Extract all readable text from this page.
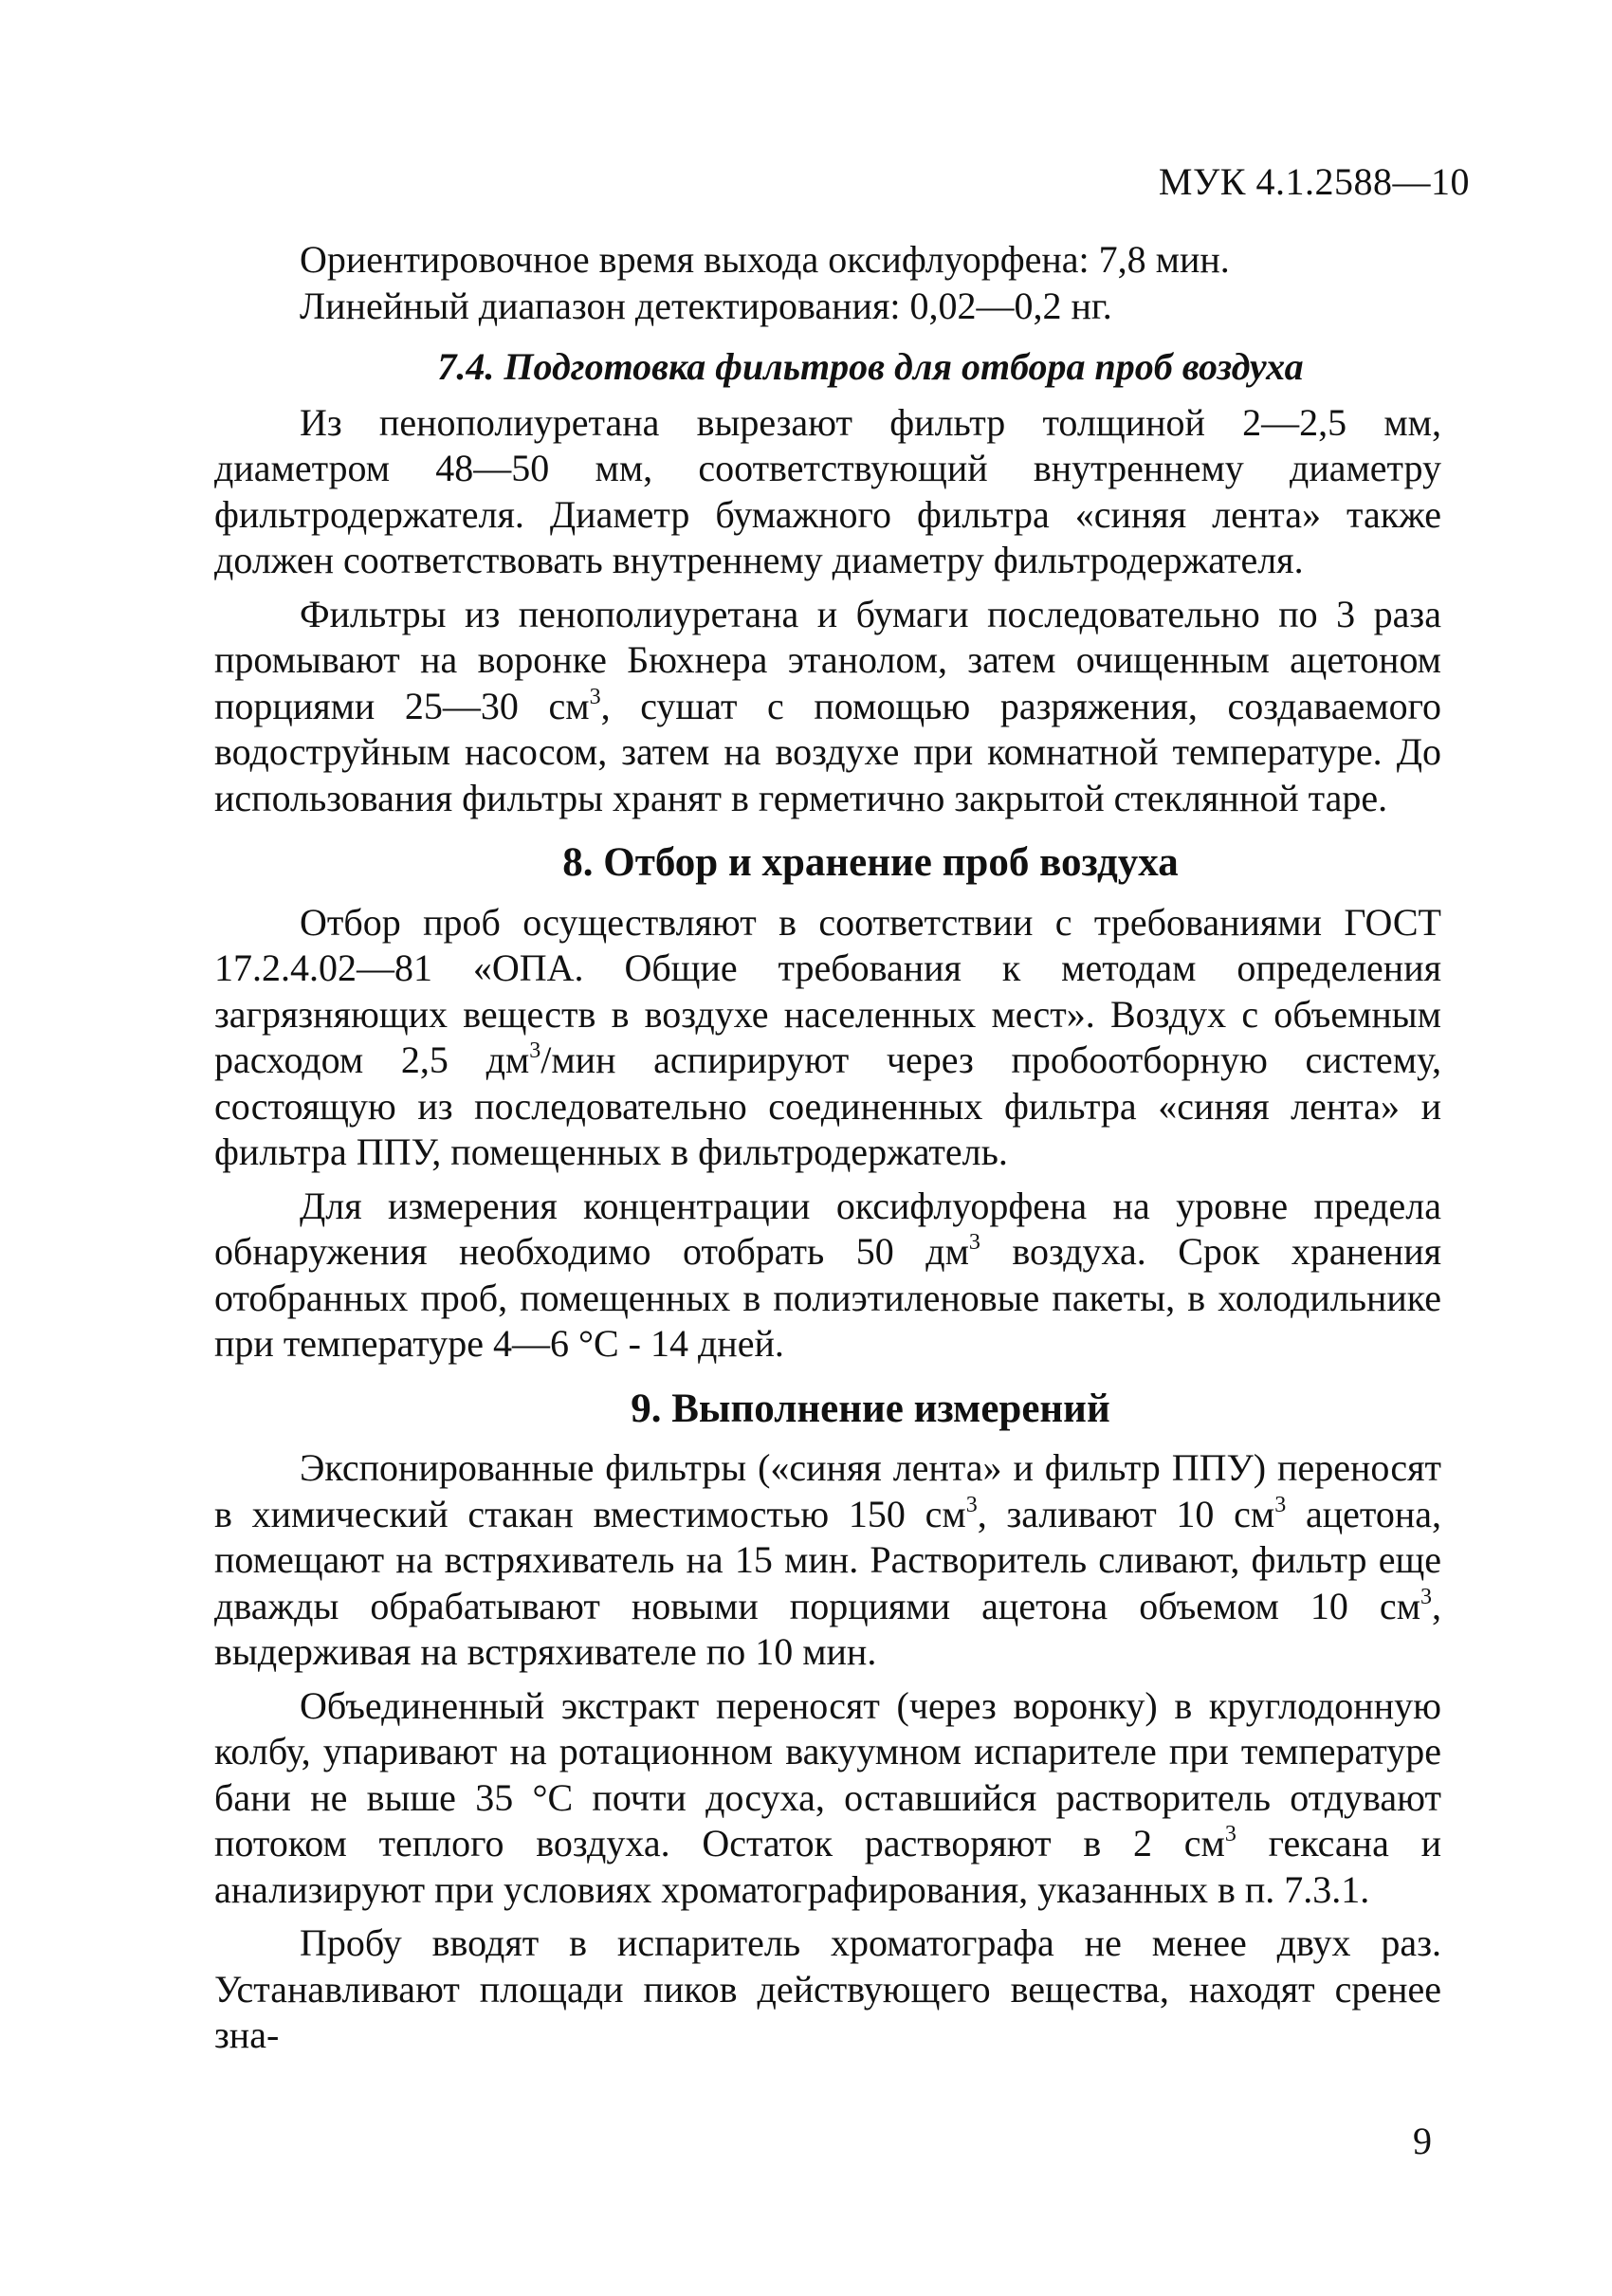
МУК 4.1.2588—10

Ориентировочное время выхода оксифлуорфена: 7,8 мин.

Линейный диапазон детектирования: 0,02—0,2 нг.

7.4. Подготовка фильтров для отбора проб воздуха

Из пенополиуретана вырезают фильтр толщиной 2—2,5 мм, диаметром 48—50 мм, соответствующий внутреннему диаметру фильтродержателя. Диаметр бумажного фильтра «синяя лента» также должен соответствовать внутреннему диаметру фильтродержателя.

Фильтры из пенополиуретана и бумаги последовательно по 3 раза промывают на воронке Бюхнера этанолом, затем очищенным ацетоном порциями 25—30 $см^3$, сушат с помощью разряжения, создаваемого водоструйным насосом, затем на воздухе при комнатной температуре. До использования фильтры хранят в герметично закрытой стеклянной таре.

8. Отбор и хранение проб воздуха

Отбор проб осуществляют в соответствии с требованиями ГОСТ 17.2.4.02—81 «ОПА. Общие требования к методам определения загрязняющих веществ в воздухе населенных мест». Воздух с объемным расходом 2,5 $дм^3$/мин аспирируют через пробоотборную систему, состоящую из последовательно соединенных фильтра «синяя лента» и фильтра ППУ, помещенных в фильтродержатель.

Для измерения концентрации оксифлуорфена на уровне предела обнаружения необходимо отобрать 50 $дм^3$ воздуха. Срок хранения отобранных проб, помещенных в полиэтиленовые пакеты, в холодильнике при температуре 4—6 °С - 14 дней.

9. Выполнение измерений

Экспонированные фильтры («синяя лента» и фильтр ППУ) переносят в химический стакан вместимостью 150 $см^3$, заливают 10 $см^3$ ацетона, помещают на встряхиватель на 15 мин. Растворитель сливают, фильтр еще дважды обрабатывают новыми порциями ацетона объемом 10 $см^3$, выдерживая на встряхивателе по 10 мин.

Объединенный экстракт переносят (через воронку) в круглодонную колбу, упаривают на ротационном вакуумном испарителе при температуре бани не выше 35 °С почти досуха, оставшийся растворитель отдувают потоком теплого воздуха. Остаток растворяют в 2 $см^3$ гексана и анализируют при условиях хроматографирования, указанных в п. 7.3.1.

Пробу вводят в испаритель хроматографа не менее двух раз. Устанавливают площади пиков действующего вещества, находят сренее зна-

9
